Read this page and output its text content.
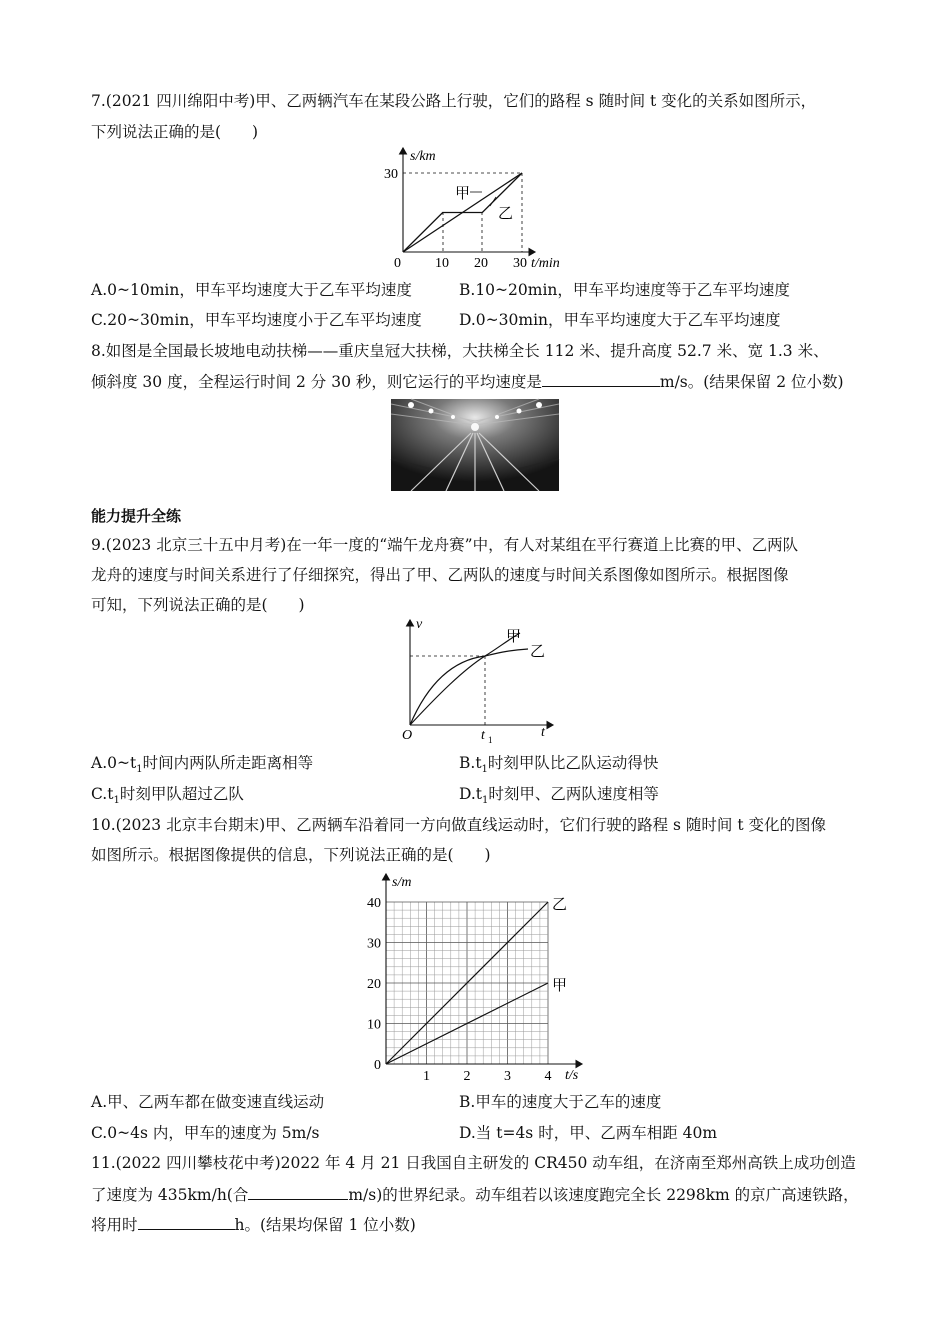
7.(2021 四川绵阳中考)甲、乙两辆汽车在某段公路上行驶，它们的路程 s 随时间 t 变化的关系如图所示，
下列说法正确的是(　　)
s/km
30
0 10 20 30 t/min
甲
乙
A.0~10min，甲车平均速度大于乙车平均速度	B.10~20min，甲车平均速度等于乙车平均速度
C.20~30min，甲车平均速度小于乙车平均速度 D.0~30min，甲车平均速度大于乙车平均速度
8.如图是全国最长坡地电动扶梯——重庆皇冠大扶梯，大扶梯全长 112 米、提升高度 52.7 米、宽 1.3 米、
倾斜度 30 度，全程运行时间 2 分 30 秒，则它运行的平均速度是	m/s。(结果保留 2 位小数)
能力提升全练
9.(2023 北京三十五中月考)在一年一度的“端午龙舟赛”中，有人对某组在平行赛道上比赛的甲、乙两队
龙舟的速度与时间关系进行了仔细探究，得出了甲、乙两队的速度与时间关系图像如图所示。根据图像
可知，下列说法正确的是(　　)
v
t
O	t 1
甲
乙
$A.0\sim t_1$时间内两队所走距离相等	$B.t_1$时刻甲队比乙队运动得快
$C.t_1$时刻甲队超过乙队	$D.t_1$时刻甲、乙两队速度相等
10.(2023 北京丰台期末)甲、乙两辆车沿着同一方向做直线运动时，它们行驶的路程 s 随时间 t 变化的图像
如图所示。根据图像提供的信息，下列说法正确的是(　　)
s/m
t/s
0
10
20
30
40
1 2 3 4
乙
甲
A.甲、乙两车都在做变速直线运动	B.甲车的速度大于乙车的速度
C.0~4s 内，甲车的速度为 5m/s	D.当 t=4s 时，甲、乙两车相距 40m
11.(2022 四川攀枝花中考)2022 年 4 月 21 日我国自主研发的 CR450 动车组，在济南至郑州高铁上成功创造
了速度为 435km/h(合	m/s)的世界纪录。动车组若以该速度跑完全长 2298km 的京广高速铁路，
将用时	h。(结果均保留 1 位小数)
